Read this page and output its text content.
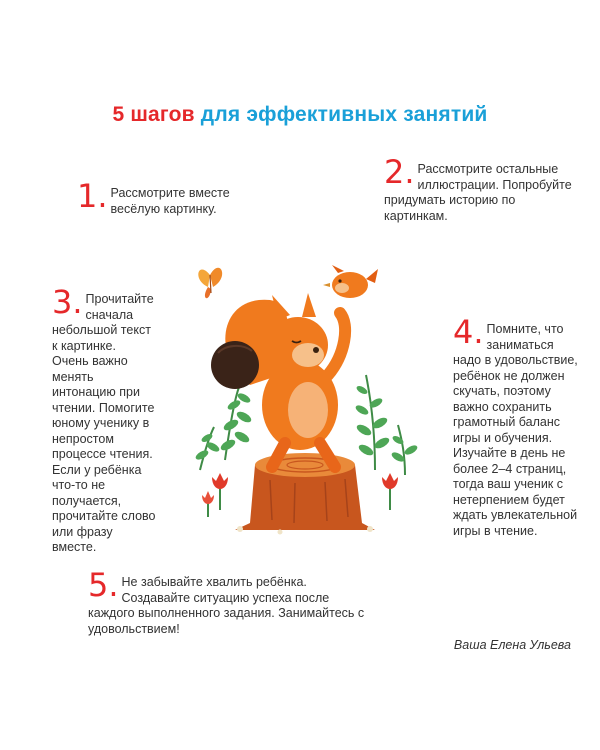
5 шагов для эффективных занятий
1. Рассмотрите вместе весёлую картинку.

2. Рассмотрите остальные иллюстрации. Попробуйте придумать историю по картинкам.

3. Прочитайте сначала небольшой текст к картинке. Очень важно менять интонацию при чтении. Помогите юному ученику в непростом процессе чтения. Если у ребёнка что-то не получается, прочитайте слово или фразу вместе.

4. Помните, что заниматься надо в удовольствие, ребёнок не должен скучать, поэтому важно сохранить грамотный баланс игры и обучения. Изучайте в день не более 2–4 страниц, тогда ваш ученик с нетерпением будет ждать увлекательной игры в чтение.

5. Не забывайте хвалить ребёнка. Создавайте ситуацию успеха после каждого выполненного задания. Занимайтесь с удовольствием!

Ваша Елена Ульева
